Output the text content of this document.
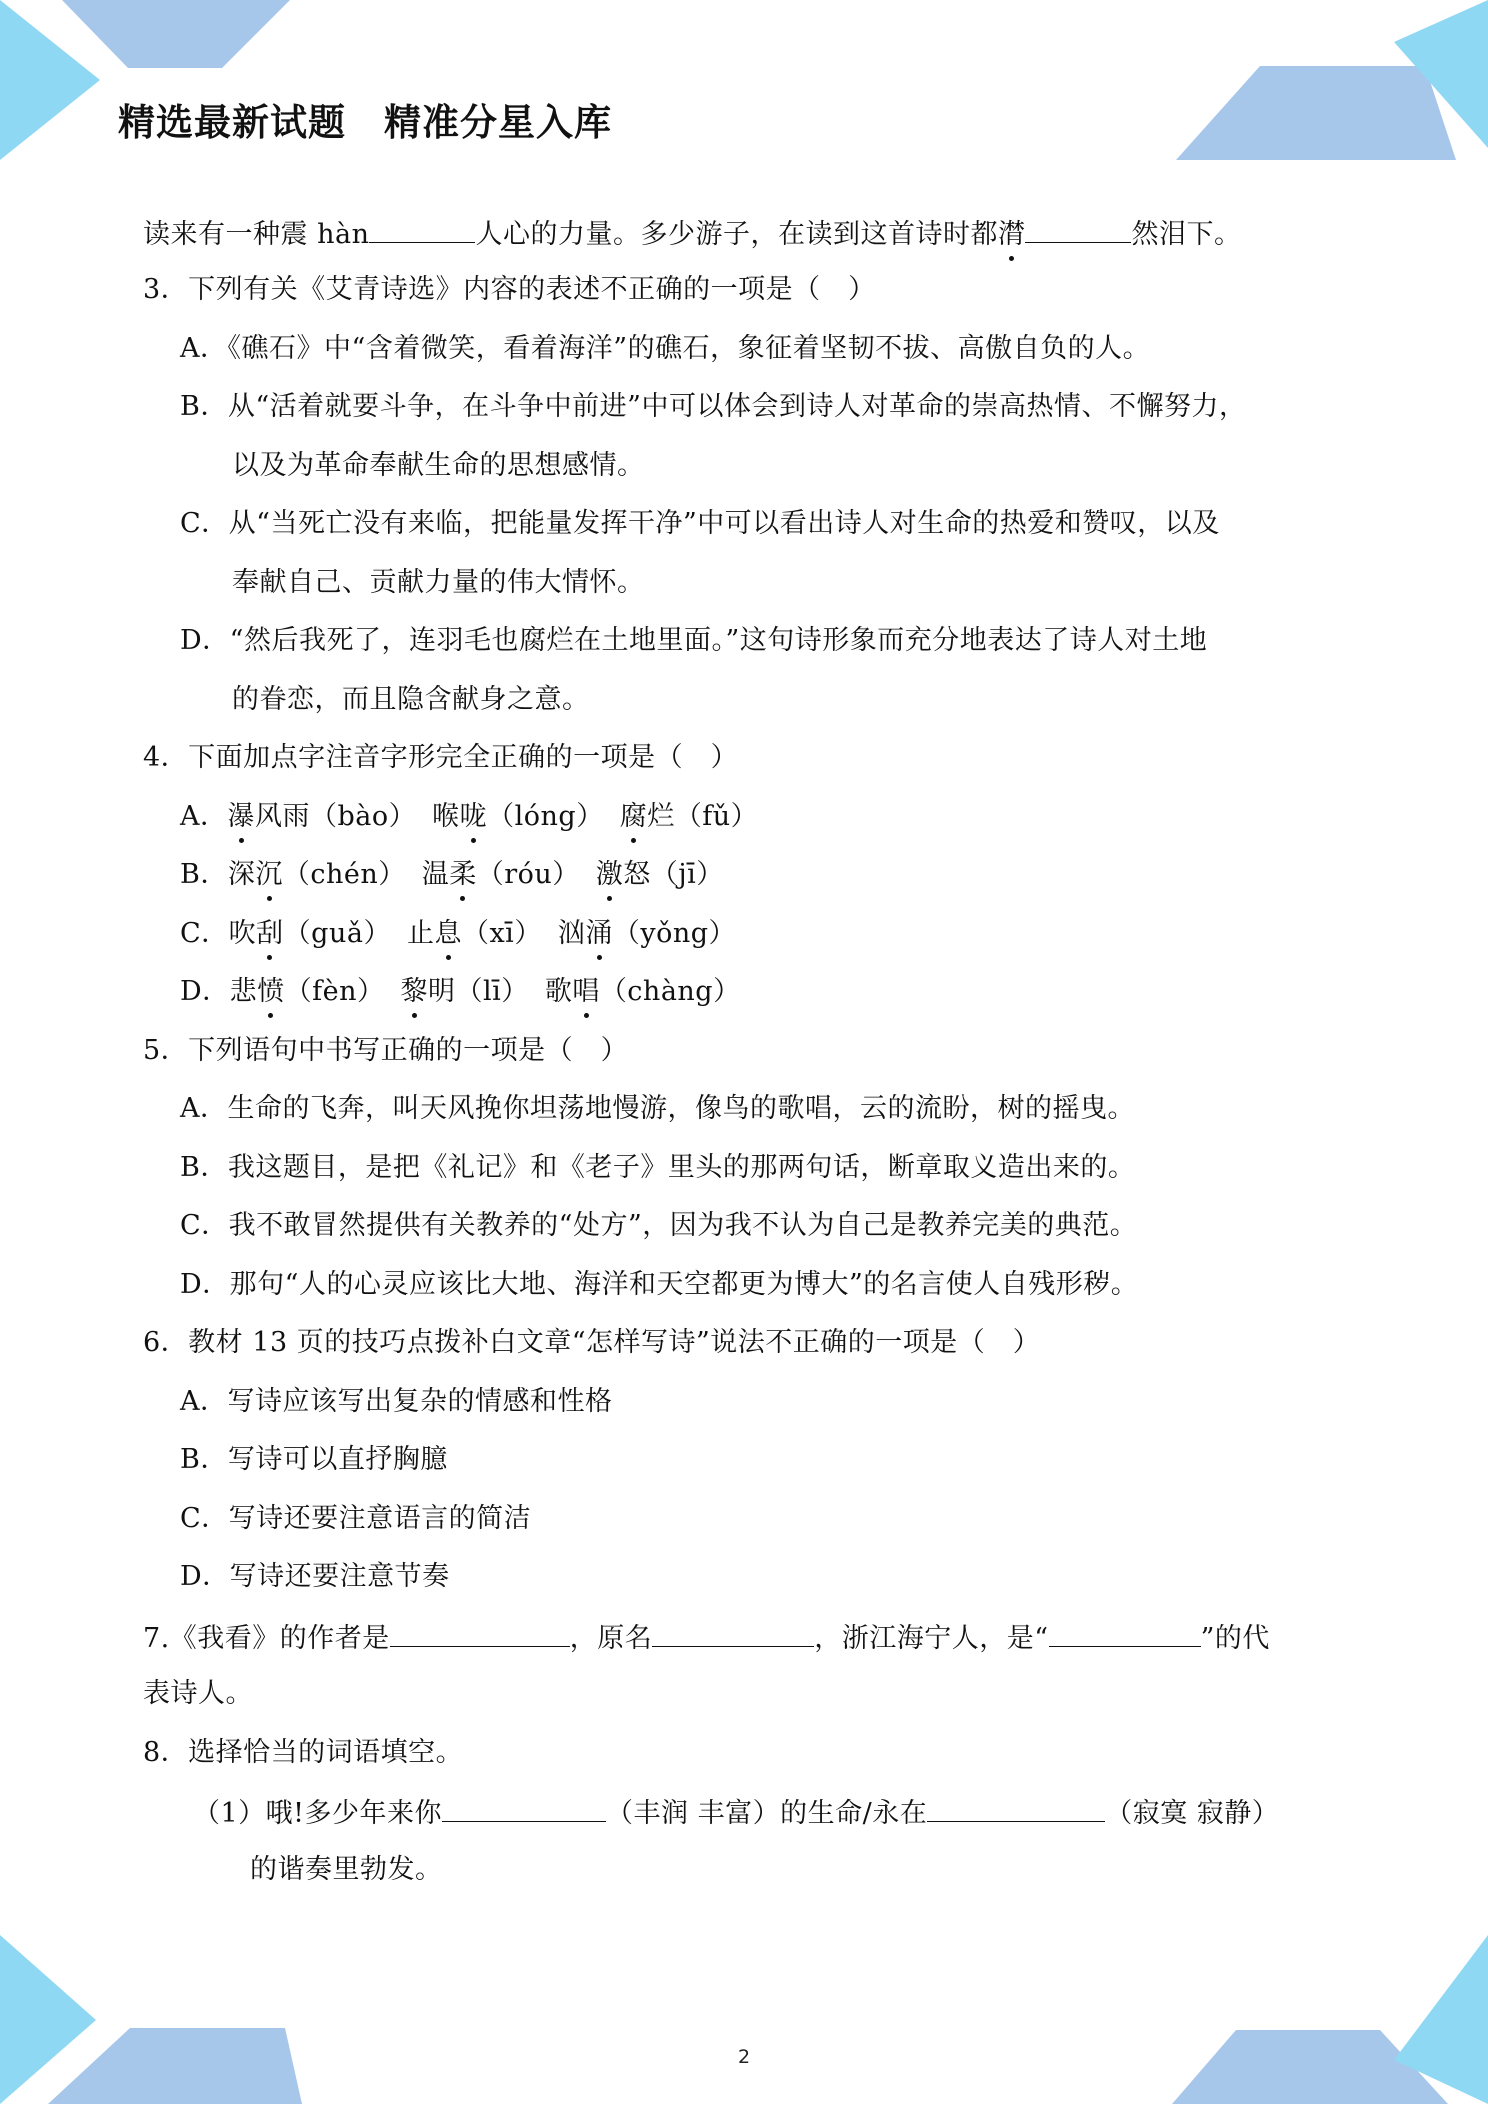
精选最新试题　精准分星入库
读来有一种震 hàn	人心的力量。多少游子，在读到这首诗时都潸	然泪下。
3．下列有关《艾青诗选》内容的表述不正确的一项是（　）
A．《礁石》中“含着微笑，看着海洋”的礁石，象征着坚韧不拔、高傲自负的人。
B．从“活着就要斗争，在斗争中前进”中可以体会到诗人对革命的崇高热情、不懈努力，
以及为革命奉献生命的思想感情。
C．从“当死亡没有来临，把能量发挥干净”中可以看出诗人对生命的热爱和赞叹，以及
奉献自己、贡献力量的伟大情怀。
D．“然后我死了，连羽毛也腐烂在土地里面。”这句诗形象而充分地表达了诗人对土地
的眷恋，而且隐含献身之意。
4．下面加点字注音字形完全正确的一项是（　）
A．瀑风雨（bào） 喉咙（lóng） 腐烂（fǔ）
B．深沉（chén） 温柔（róu） 激怒（jī）
C．吹刮（guǎ） 止息（xī） 汹涌（yǒng）
D．悲愤（fèn） 黎明（lī） 歌唱（chàng）
5．下列语句中书写正确的一项是（　）
A．生命的飞奔，叫天风挽你坦荡地慢游，像鸟的歌唱，云的流盼，树的摇曳。
B．我这题目，是把《礼记》和《老子》里头的那两句话，断章取义造出来的。
C．我不敢冒然提供有关教养的“处方”，因为我不认为自己是教养完美的典范。
D．那句“人的心灵应该比大地、海洋和天空都更为博大”的名言使人自残形秽。
6．教材 13 页的技巧点拨补白文章“怎样写诗”说法不正确的一项是（　）
A．写诗应该写出复杂的情感和性格
B．写诗可以直抒胸臆
C．写诗还要注意语言的简洁
D．写诗还要注意节奏
7.《我看》的作者是	，原名	，浙江海宁人，是“	”的代
表诗人。
8．选择恰当的词语填空。
（1）哦!多少年来你	（丰润 丰富）的生命/永在	（寂寞 寂静）
的谐奏里勃发。
2
